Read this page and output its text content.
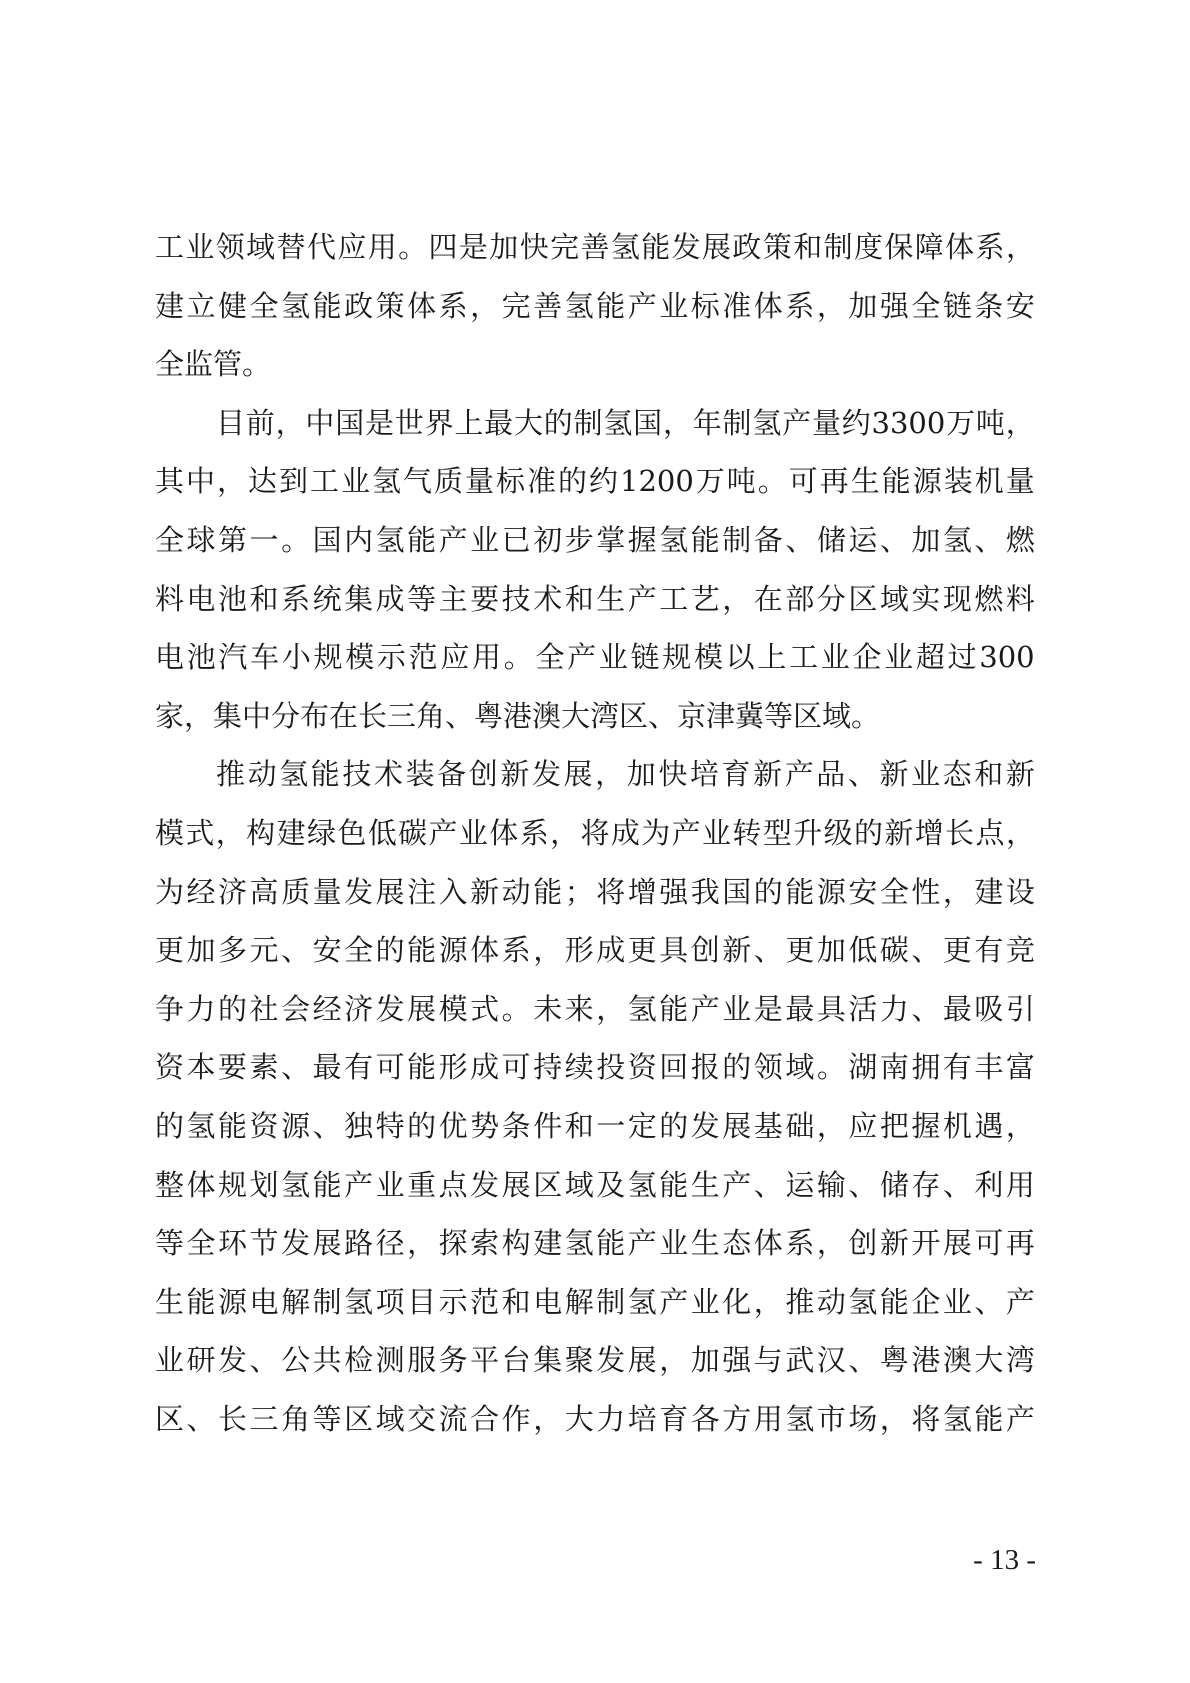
工 业 领 域 替 代 应 用 。 四 是 加 快 完 善 氢 能 发 展 政 策 和 制 度 保 障 体 系 ，
建 立 健 全 氢 能 政 策 体 系 ， 完 善 氢 能 产 业 标 准 体 系 ， 加 强 全 链 条 安
全监管。
目 前 ， 中 国 是 世 界 上 最 大 的 制 氢 国 ， 年 制 氢 产 量 约 3300 万 吨 ，
其 中 ， 达 到 工 业 氢 气 质 量 标 准 的 约 1200 万 吨 。 可 再 生 能 源 装 机 量
全 球 第 一 。 国 内 氢 能 产 业 已 初 步 掌 握 氢 能 制 备 、 储 运 、 加 氢 、 燃
料 电 池 和 系 统 集 成 等 主 要 技 术 和 生 产 工 艺 ， 在 部 分 区 域 实 现 燃 料
电 池 汽 车 小 规 模 示 范 应 用 。 全 产 业 链 规 模 以 上 工 业 企 业 超 过 300
家，集中分布在长三角、粤港澳大湾区、京津冀等区域。
推 动 氢 能 技 术 装 备 创 新 发 展 ， 加 快 培 育 新 产 品 、 新 业 态 和 新
模 式 ， 构 建 绿 色 低 碳 产 业 体 系 ， 将 成 为 产 业 转 型 升 级 的 新 增 长 点 ，
为 经 济 高 质 量 发 展 注 入 新 动 能 ； 将 增 强 我 国 的 能 源 安 全 性 ， 建 设
更 加 多 元 、 安 全 的 能 源 体 系 ， 形 成 更 具 创 新 、 更 加 低 碳 、 更 有 竞
争 力 的 社 会 经 济 发 展 模 式 。 未 来 ， 氢 能 产 业 是 最 具 活 力 、 最 吸 引
资 本 要 素 、 最 有 可 能 形 成 可 持 续 投 资 回 报 的 领 域 。 湖 南 拥 有 丰 富
的 氢 能 资 源 、 独 特 的 优 势 条 件 和 一 定 的 发 展 基 础 ， 应 把 握 机 遇 ，
整 体 规 划 氢 能 产 业 重 点 发 展 区 域 及 氢 能 生 产 、 运 输 、 储 存 、 利 用
等 全 环 节 发 展 路 径 ， 探 索 构 建 氢 能 产 业 生 态 体 系 ， 创 新 开 展 可 再
生 能 源 电 解 制 氢 项 目 示 范 和 电 解 制 氢 产 业 化 ， 推 动 氢 能 企 业 、 产
业 研 发 、 公 共 检 测 服 务 平 台 集 聚 发 展 ， 加 强 与 武 汉 、 粤 港 澳 大 湾
区 、 长 三 角 等 区 域 交 流 合 作 ， 大 力 培 育 各 方 用 氢 市 场 ， 将 氢 能 产
- 13 -
